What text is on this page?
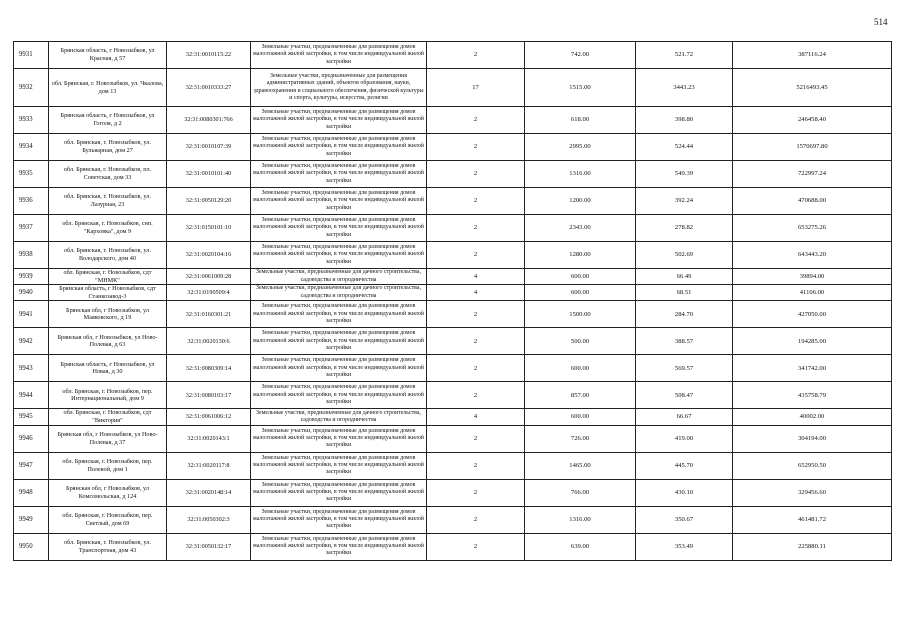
514
9931	Брянская область, г Новозыбков, ул Красная, д 57	32:31:0010115:22	Земельные участки, предназначенные для размещения домов малоэтажной жилой застройки, в том числе индивидуальной жилой застройки	2	742.00	521.72	387116.24
9932	обл. Брянская, г. Новозыбков, ул. Чкалова, дом 13	32:31:0010333:27	Земельные участки, предназначенные для размещения административных зданий, объектов образования, науки, здравоохранения и социального обеспечения, физической культуры и спорта, культуры, искусства, религии	17	1515.00	3443.23	5216493.45
9933	Брянская область, г Новозыбков, ул Гоголя, д 2	32:31:0080301:766	Земельные участки, предназначенные для размещения домов малоэтажной жилой застройки, в том числе индивидуальной жилой застройки	2	618.00	398.80	246458.40
9934	обл. Брянская, г. Новозыбков, ул. Бульварная, дом 27	32:31:0010107:39	Земельные участки, предназначенные для размещения домов малоэтажной жилой застройки, в том числе индивидуальной жилой застройки	2	2995.00	524.44	1570697.80
9935	обл. Брянская, г. Новозыбков, пл. Советская, дом 33	32:31:0010101:40	Земельные участки, предназначенные для размещения домов малоэтажной жилой застройки, в том числе индивидуальной жилой застройки	2	1316.00	549.39	722997.24
9936	обл. Брянская, г. Новозыбков, ул. Лазурная, 23	32:31:0050129:20	Земельные участки, предназначенные для размещения домов малоэтажной жилой застройки, в том числе индивидуальной жилой застройки	2	1200.00	392.24	470688.00
9937	обл. Брянская, г. Новозыбков, снп. "Карховка", дом 9	32:31:0150101:10	Земельные участки, предназначенные для размещения домов малоэтажной жилой застройки, в том числе индивидуальной жилой застройки	2	2343.00	278.82	653275.26
9938	обл. Брянская, г. Новозыбков, ул. Володарского, дом 40	32:31:0020104:16	Земельные участки, предназначенные для размещения домов малоэтажной жилой застройки, в том числе индивидуальной жилой застройки	2	1280.00	502.69	643443.20
9939	обл. Брянская, г. Новозыбков, сдт "МНМК"	32:31:0061009:28	Земельные участки, предназначенные для дачного строительства, садоводства и огородничества	4	600.00	66.49	39894.00
9940	Брянская область, г Новозыбков, сдт Станкозавод-3	32:31:0190509:4	Земельные участки, предназначенные для дачного строительства, садоводства и огородничества	4	600.00	68.51	41106.00
9941	Брянская обл, г Новозыбков, ул Маяковского, д 19	32:31:0160301:21	Земельные участки, предназначенные для размещения домов малоэтажной жилой застройки, в том числе индивидуальной жилой застройки	2	1500.00	284.70	427050.00
9942	Брянская обл, г Новозыбков, ул Ново-Полевая, д 63	32:31:0020130:6	Земельные участки, предназначенные для размещения домов малоэтажной жилой застройки, в том числе индивидуальной жилой застройки	2	500.00	388.57	194285.00
9943	Брянская область, г Новозыбков, ул Новая, д 30	32:31:0080309:14	Земельные участки, предназначенные для размещения домов малоэтажной жилой застройки, в том числе индивидуальной жилой застройки	2	600.00	569.57	341742.00
9944	обл. Брянская, г. Новозыбков, пер. Интернациональный, дом 9	32:31:0080103:17	Земельные участки, предназначенные для размещения домов малоэтажной жилой застройки, в том числе индивидуальной жилой застройки	2	857.00	508.47	435758.79
9945	обл. Брянская, г. Новозыбков, сдт "Виктория"	32:31:0061006:12	Земельные участки, предназначенные для дачного строительства, садоводства и огородничества	4	600.00	66.67	40002.00
9946	Брянская обл, г Новозыбков, ул Ново-Полевая, д 37	32:31:0020143:1	Земельные участки, предназначенные для размещения домов малоэтажной жилой застройки, в том числе индивидуальной жилой застройки	2	726.00	419.00	304194.00
9947	обл. Брянская, г. Новозыбков, пер. Полевой, дом 1	32:31:0020117:8	Земельные участки, предназначенные для размещения домов малоэтажной жилой застройки, в том числе индивидуальной жилой застройки	2	1465.00	445.70	652950.50
9948	Брянская обл, г Новозыбков, ул Комсомольская, д 124	32:31:0020148:14	Земельные участки, предназначенные для размещения домов малоэтажной жилой застройки, в том числе индивидуальной жилой застройки	2	766.00	430.10	329456.60
9949	обл. Брянская, г. Новозыбков, пер. Светлый, дом 69	32:31:0050302:3	Земельные участки, предназначенные для размещения домов малоэтажной жилой застройки, в том числе индивидуальной жилой застройки	2	1316.00	350.67	461481.72
9950	обл. Брянская, г. Новозыбков, ул. Транспортная, дом 43	32:31:0050132:17	Земельные участки, предназначенные для размещения домов малоэтажной жилой застройки, в том числе индивидуальной жилой застройки	2	639.00	353.49	225880.11
